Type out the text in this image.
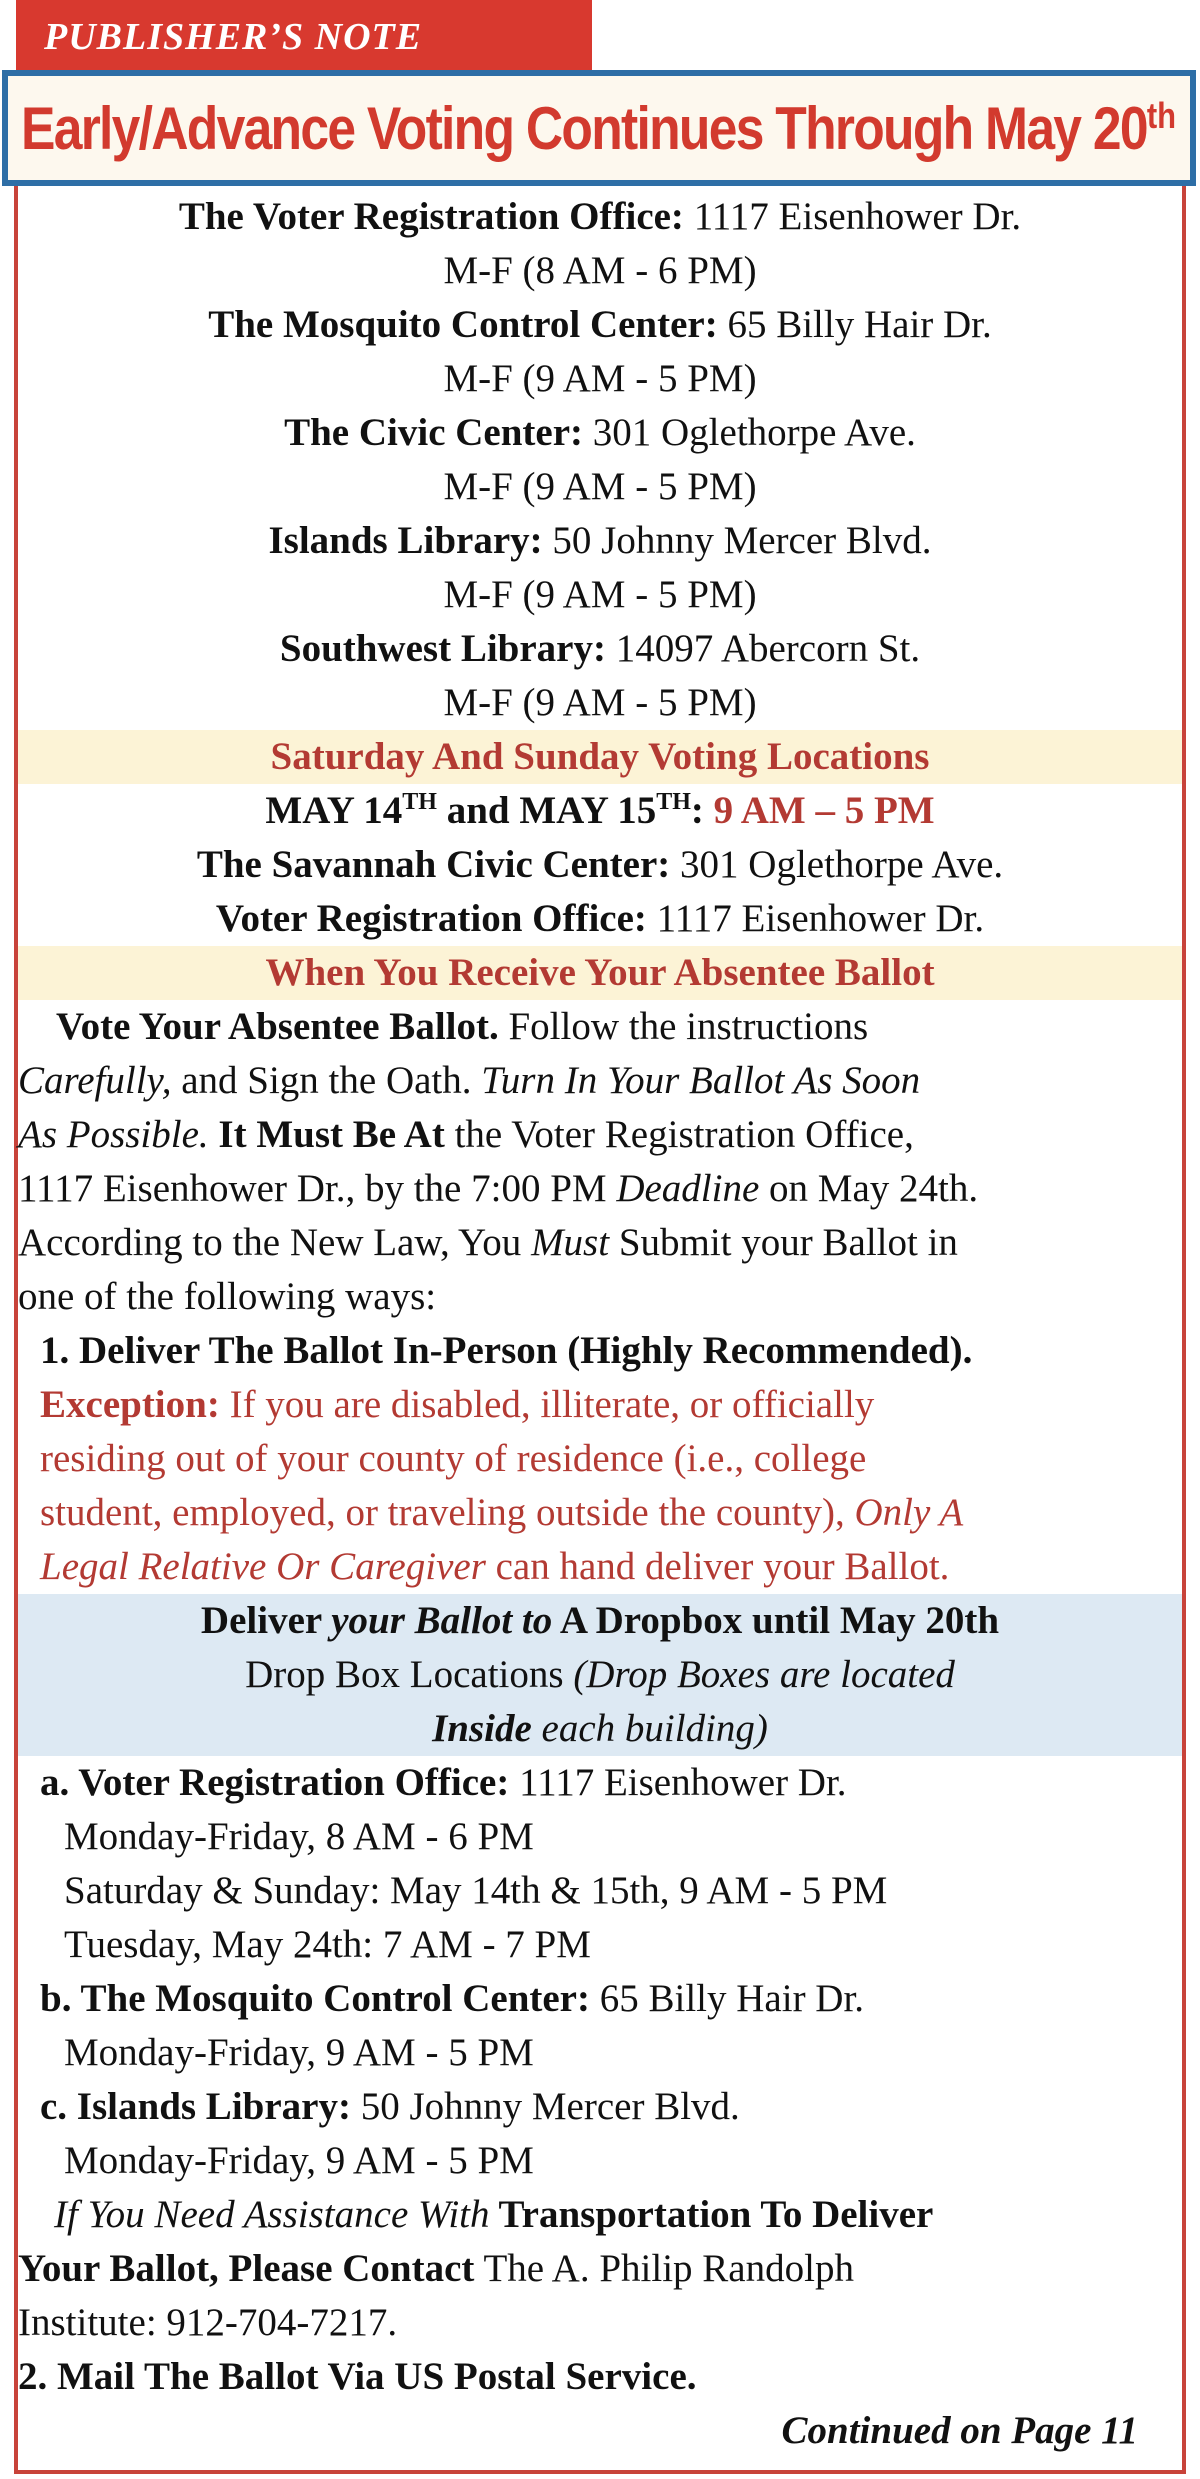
PUBLISHER’S NOTE
Early/Advance Voting Continues Through May 20th
The Voter Registration Office: 1117 Eisenhower Dr.
M-F (8 AM - 6 PM)
The Mosquito Control Center: 65 Billy Hair Dr.
M-F (9 AM - 5 PM)
The Civic Center: 301 Oglethorpe Ave.
M-F (9 AM - 5 PM)
Islands Library: 50 Johnny Mercer Blvd.
M-F (9 AM - 5 PM)
Southwest Library: 14097 Abercorn St.
M-F (9 AM - 5 PM)
Saturday And Sunday Voting Locations
MAY 14TH and MAY 15TH: 9 AM – 5 PM
The Savannah Civic Center: 301 Oglethorpe Ave.
Voter Registration Office: 1117 Eisenhower Dr.
When You Receive Your Absentee Ballot
Vote Your Absentee Ballot. Follow the instructions
Carefully, and Sign the Oath. Turn In Your Ballot As Soon
As Possible. It Must Be At the Voter Registration Office,
1117 Eisenhower Dr., by the 7:00 PM Deadline on May 24th.
According to the New Law, You Must Submit your Ballot in
one of the following ways:
1. Deliver The Ballot In-Person (Highly Recommended).
Exception: If you are disabled, illiterate, or officially
residing out of your county of residence (i.e., college
student, employed, or traveling outside the county), Only A
Legal Relative Or Caregiver can hand deliver your Ballot.
Deliver your Ballot to A Dropbox until May 20th
Drop Box Locations (Drop Boxes are located
Inside each building)
a. Voter Registration Office: 1117 Eisenhower Dr.
Monday-Friday, 8 AM - 6 PM
Saturday & Sunday: May 14th & 15th, 9 AM - 5 PM
Tuesday, May 24th: 7 AM - 7 PM
b. The Mosquito Control Center: 65 Billy Hair Dr.
Monday-Friday, 9 AM - 5 PM
c. Islands Library: 50 Johnny Mercer Blvd.
Monday-Friday, 9 AM - 5 PM
If You Need Assistance With Transportation To Deliver
Your Ballot, Please Contact The A. Philip Randolph
Institute: 912-704-7217.
2. Mail The Ballot Via US Postal Service.
Continued on Page 11
